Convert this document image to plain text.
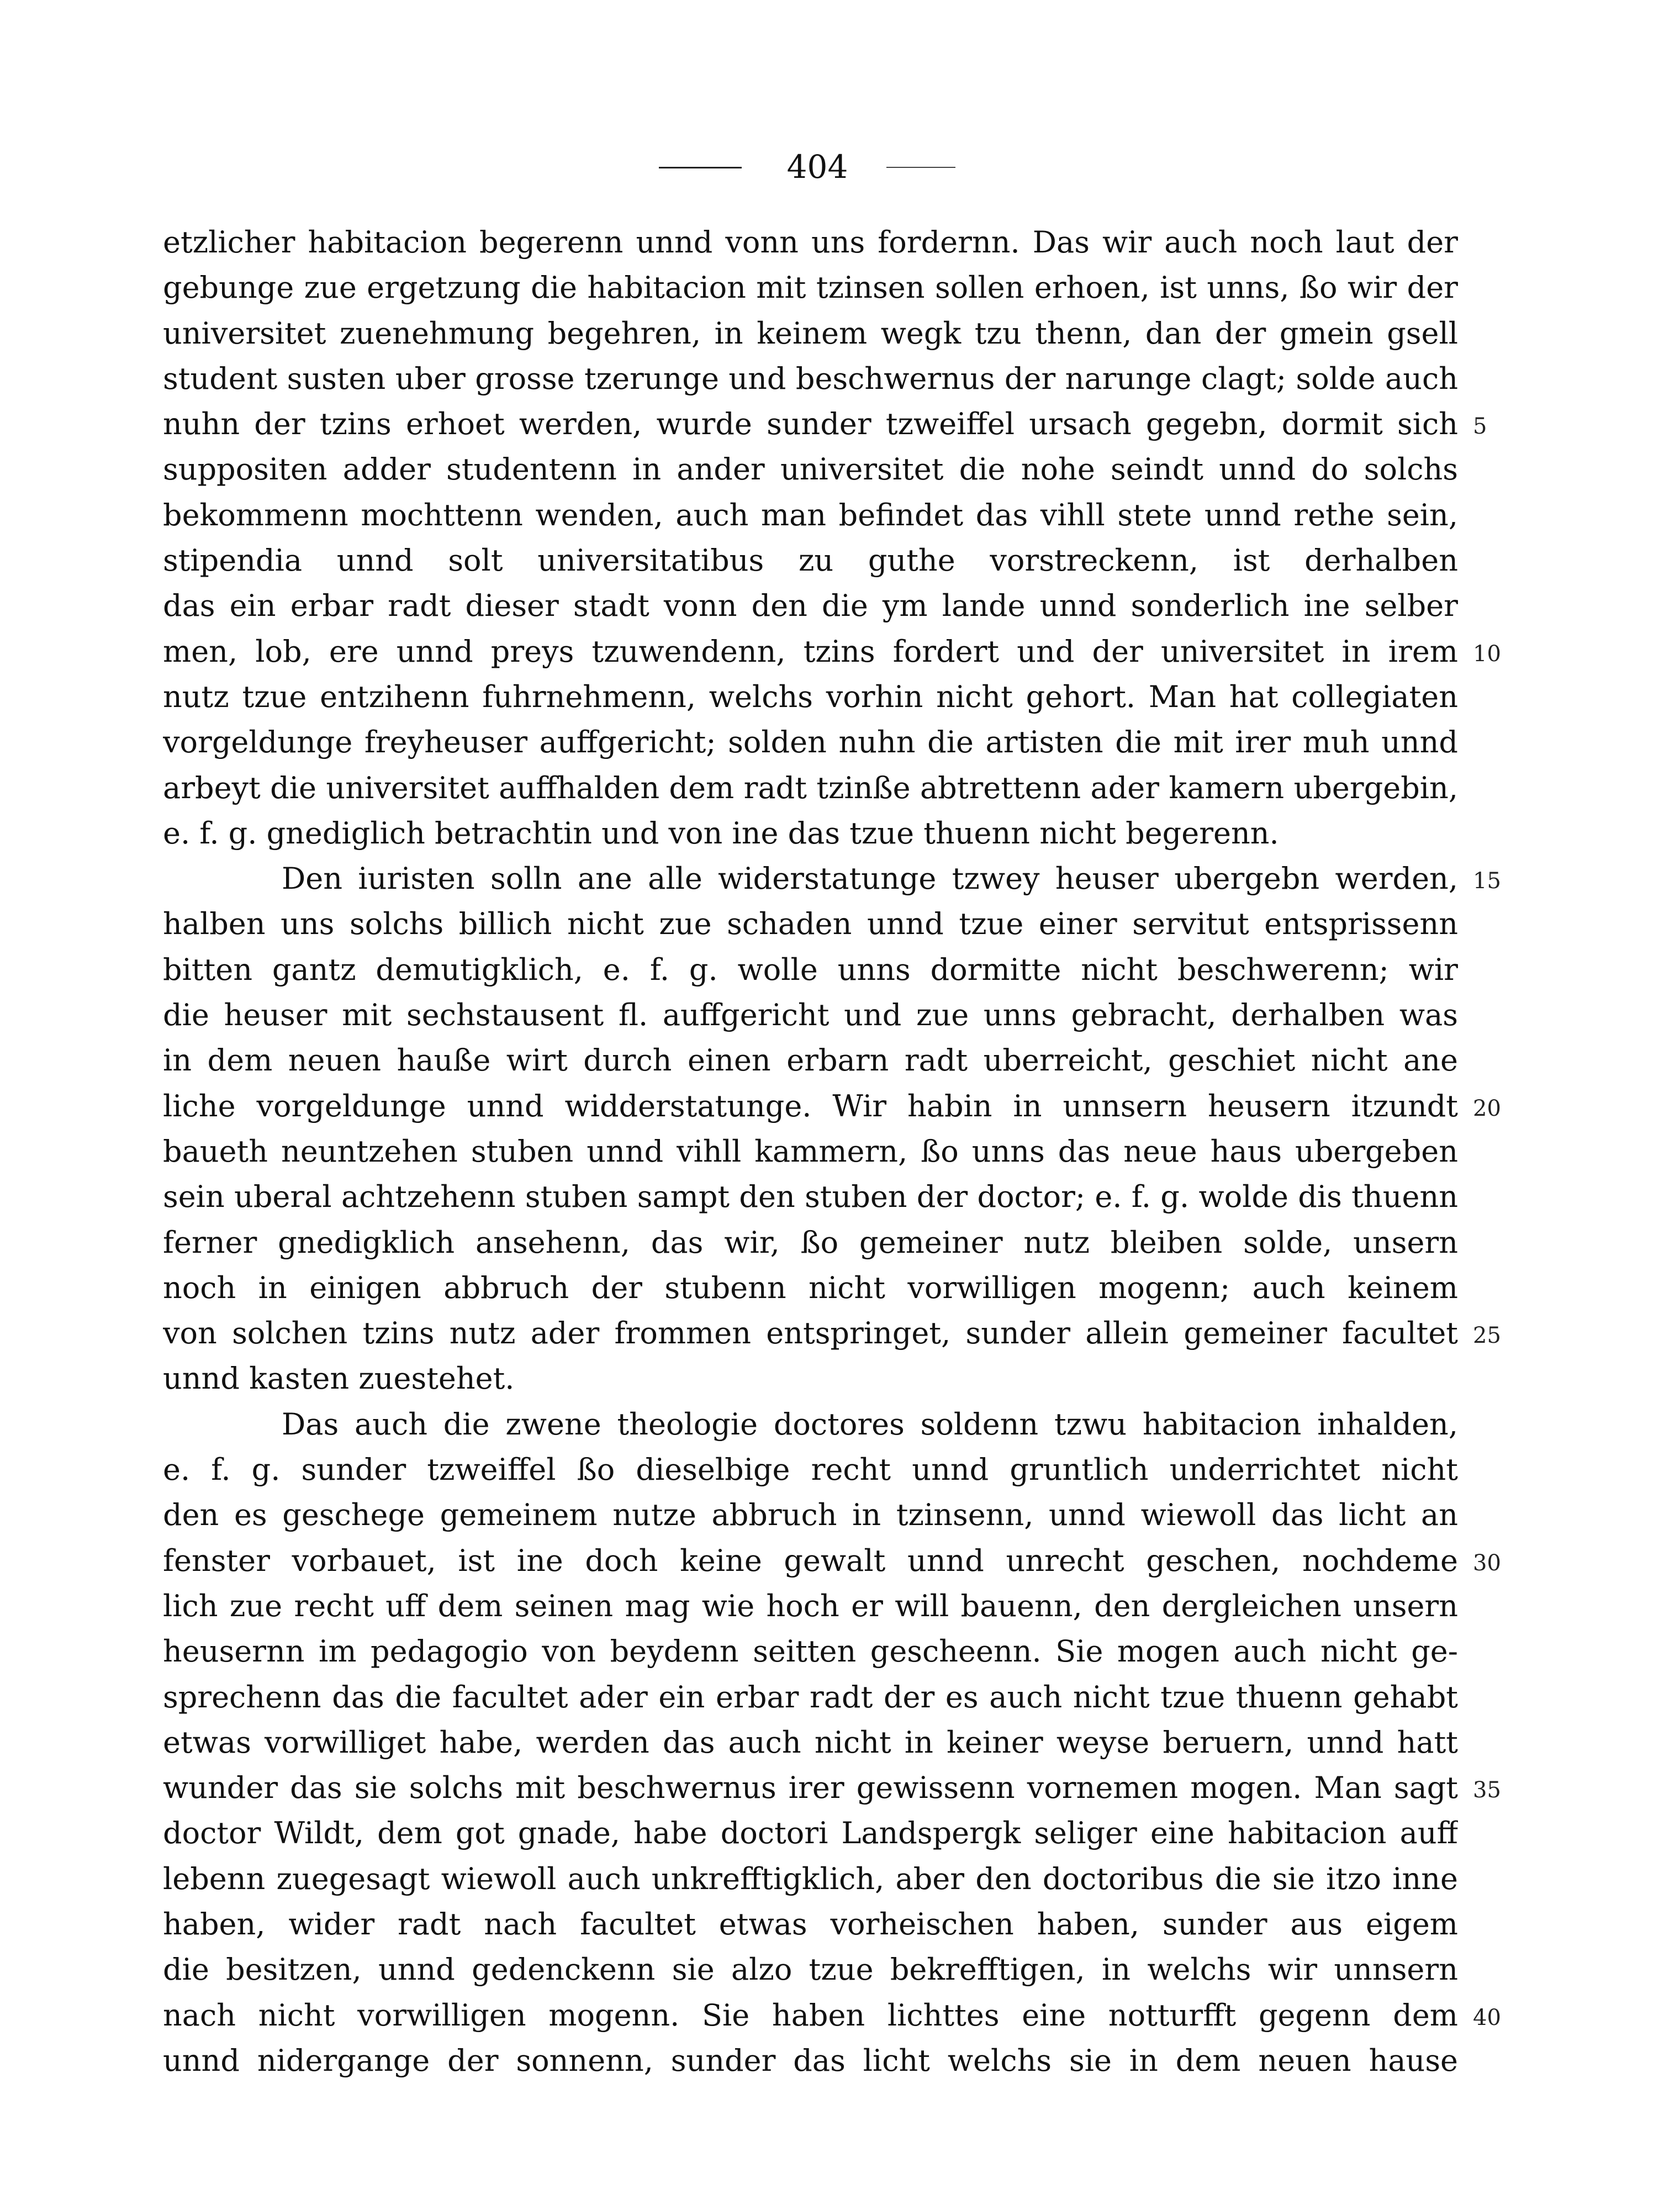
404
etzlicher habitacion begerenn unnd vonn uns fordernn. Das wir auch noch laut der
gebunge zue ergetzung die habitacion mit tzinsen sollen erhoen, ist unns, ßo wir der
universitet zuenehmung begehren, in keinem wegk tzu thenn, dan der gmein gsell
student susten uber grosse tzerunge und beschwernus der narunge clagt; solde auch
nuhn der tzins erhoet werden, wurde sunder tzweiffel ursach gegebn, dormit sich 5
suppositen adder studentenn in ander universitet die nohe seindt unnd do solchs
bekommenn mochttenn wenden, auch man befindet das vihll stete unnd rethe sein,
stipendia unnd solt universitatibus zu guthe vorstreckenn, ist derhalben
das ein erbar radt dieser stadt vonn den die ym lande unnd sonderlich ine selber
men, lob, ere unnd preys tzuwendenn, tzins fordert und der universitet in irem 10
nutz tzue entzihenn fuhrnehmenn, welchs vorhin nicht gehort. Man hat collegiaten
vorgeldunge freyheuser auffgericht; solden nuhn die artisten die mit irer muh unnd
arbeyt die universitet auffhalden dem radt tzinße abtrettenn ader kamern ubergebin,
e. f. g. gnediglich betrachtin und von ine das tzue thuenn nicht begerenn.
Den iuristen solln ane alle widerstatunge tzwey heuser ubergebn werden, 15
halben uns solchs billich nicht zue schaden unnd tzue einer servitut entsprissenn
bitten gantz demutigklich, e. f. g. wolle unns dormitte nicht beschwerenn; wir
die heuser mit sechstausent fl. auffgericht und zue unns gebracht, derhalben was
in dem neuen hauße wirt durch einen erbarn radt uberreicht, geschiet nicht ane
liche vorgeldunge unnd widderstatunge. Wir habin in unnsern heusern itzundt 20
baueth neuntzehen stuben unnd vihll kammern, ßo unns das neue haus ubergeben
sein uberal achtzehenn stuben sampt den stuben der doctor; e. f. g. wolde dis thuenn
ferner gnedigklich ansehenn, das wir, ßo gemeiner nutz bleiben solde, unsern
noch in einigen abbruch der stubenn nicht vorwilligen mogenn; auch keinem
von solchen tzins nutz ader frommen entspringet, sunder allein gemeiner facultet 25
unnd kasten zuestehet.
Das auch die zwene theologie doctores soldenn tzwu habitacion inhalden,
e. f. g. sunder tzweiffel ßo dieselbige recht unnd gruntlich underrichtet nicht
den es geschege gemeinem nutze abbruch in tzinsenn, unnd wiewoll das licht an
fenster vorbauet, ist ine doch keine gewalt unnd unrecht geschen, nochdeme 30
lich zue recht uff dem seinen mag wie hoch er will bauenn, den dergleichen unsern
heusernn im pedagogio von beydenn seitten gescheenn. Sie mogen auch nicht ge-
sprechenn das die facultet ader ein erbar radt der es auch nicht tzue thuenn gehabt
etwas vorwilliget habe, werden das auch nicht in keiner weyse beruern, unnd hatt
wunder das sie solchs mit beschwernus irer gewissenn vornemen mogen. Man sagt 35
doctor Wildt, dem got gnade, habe doctori Landspergk seliger eine habitacion auff
lebenn zuegesagt wiewoll auch unkrefftigklich, aber den doctoribus die sie itzo inne
haben, wider radt nach facultet etwas vorheischen haben, sunder aus eigem
die besitzen, unnd gedenckenn sie alzo tzue bekrefftigen, in welchs wir unnsern
nach nicht vorwilligen mogenn. Sie haben lichttes eine notturfft gegenn dem 40
unnd nidergange der sonnenn, sunder das licht welchs sie in dem neuen hause
